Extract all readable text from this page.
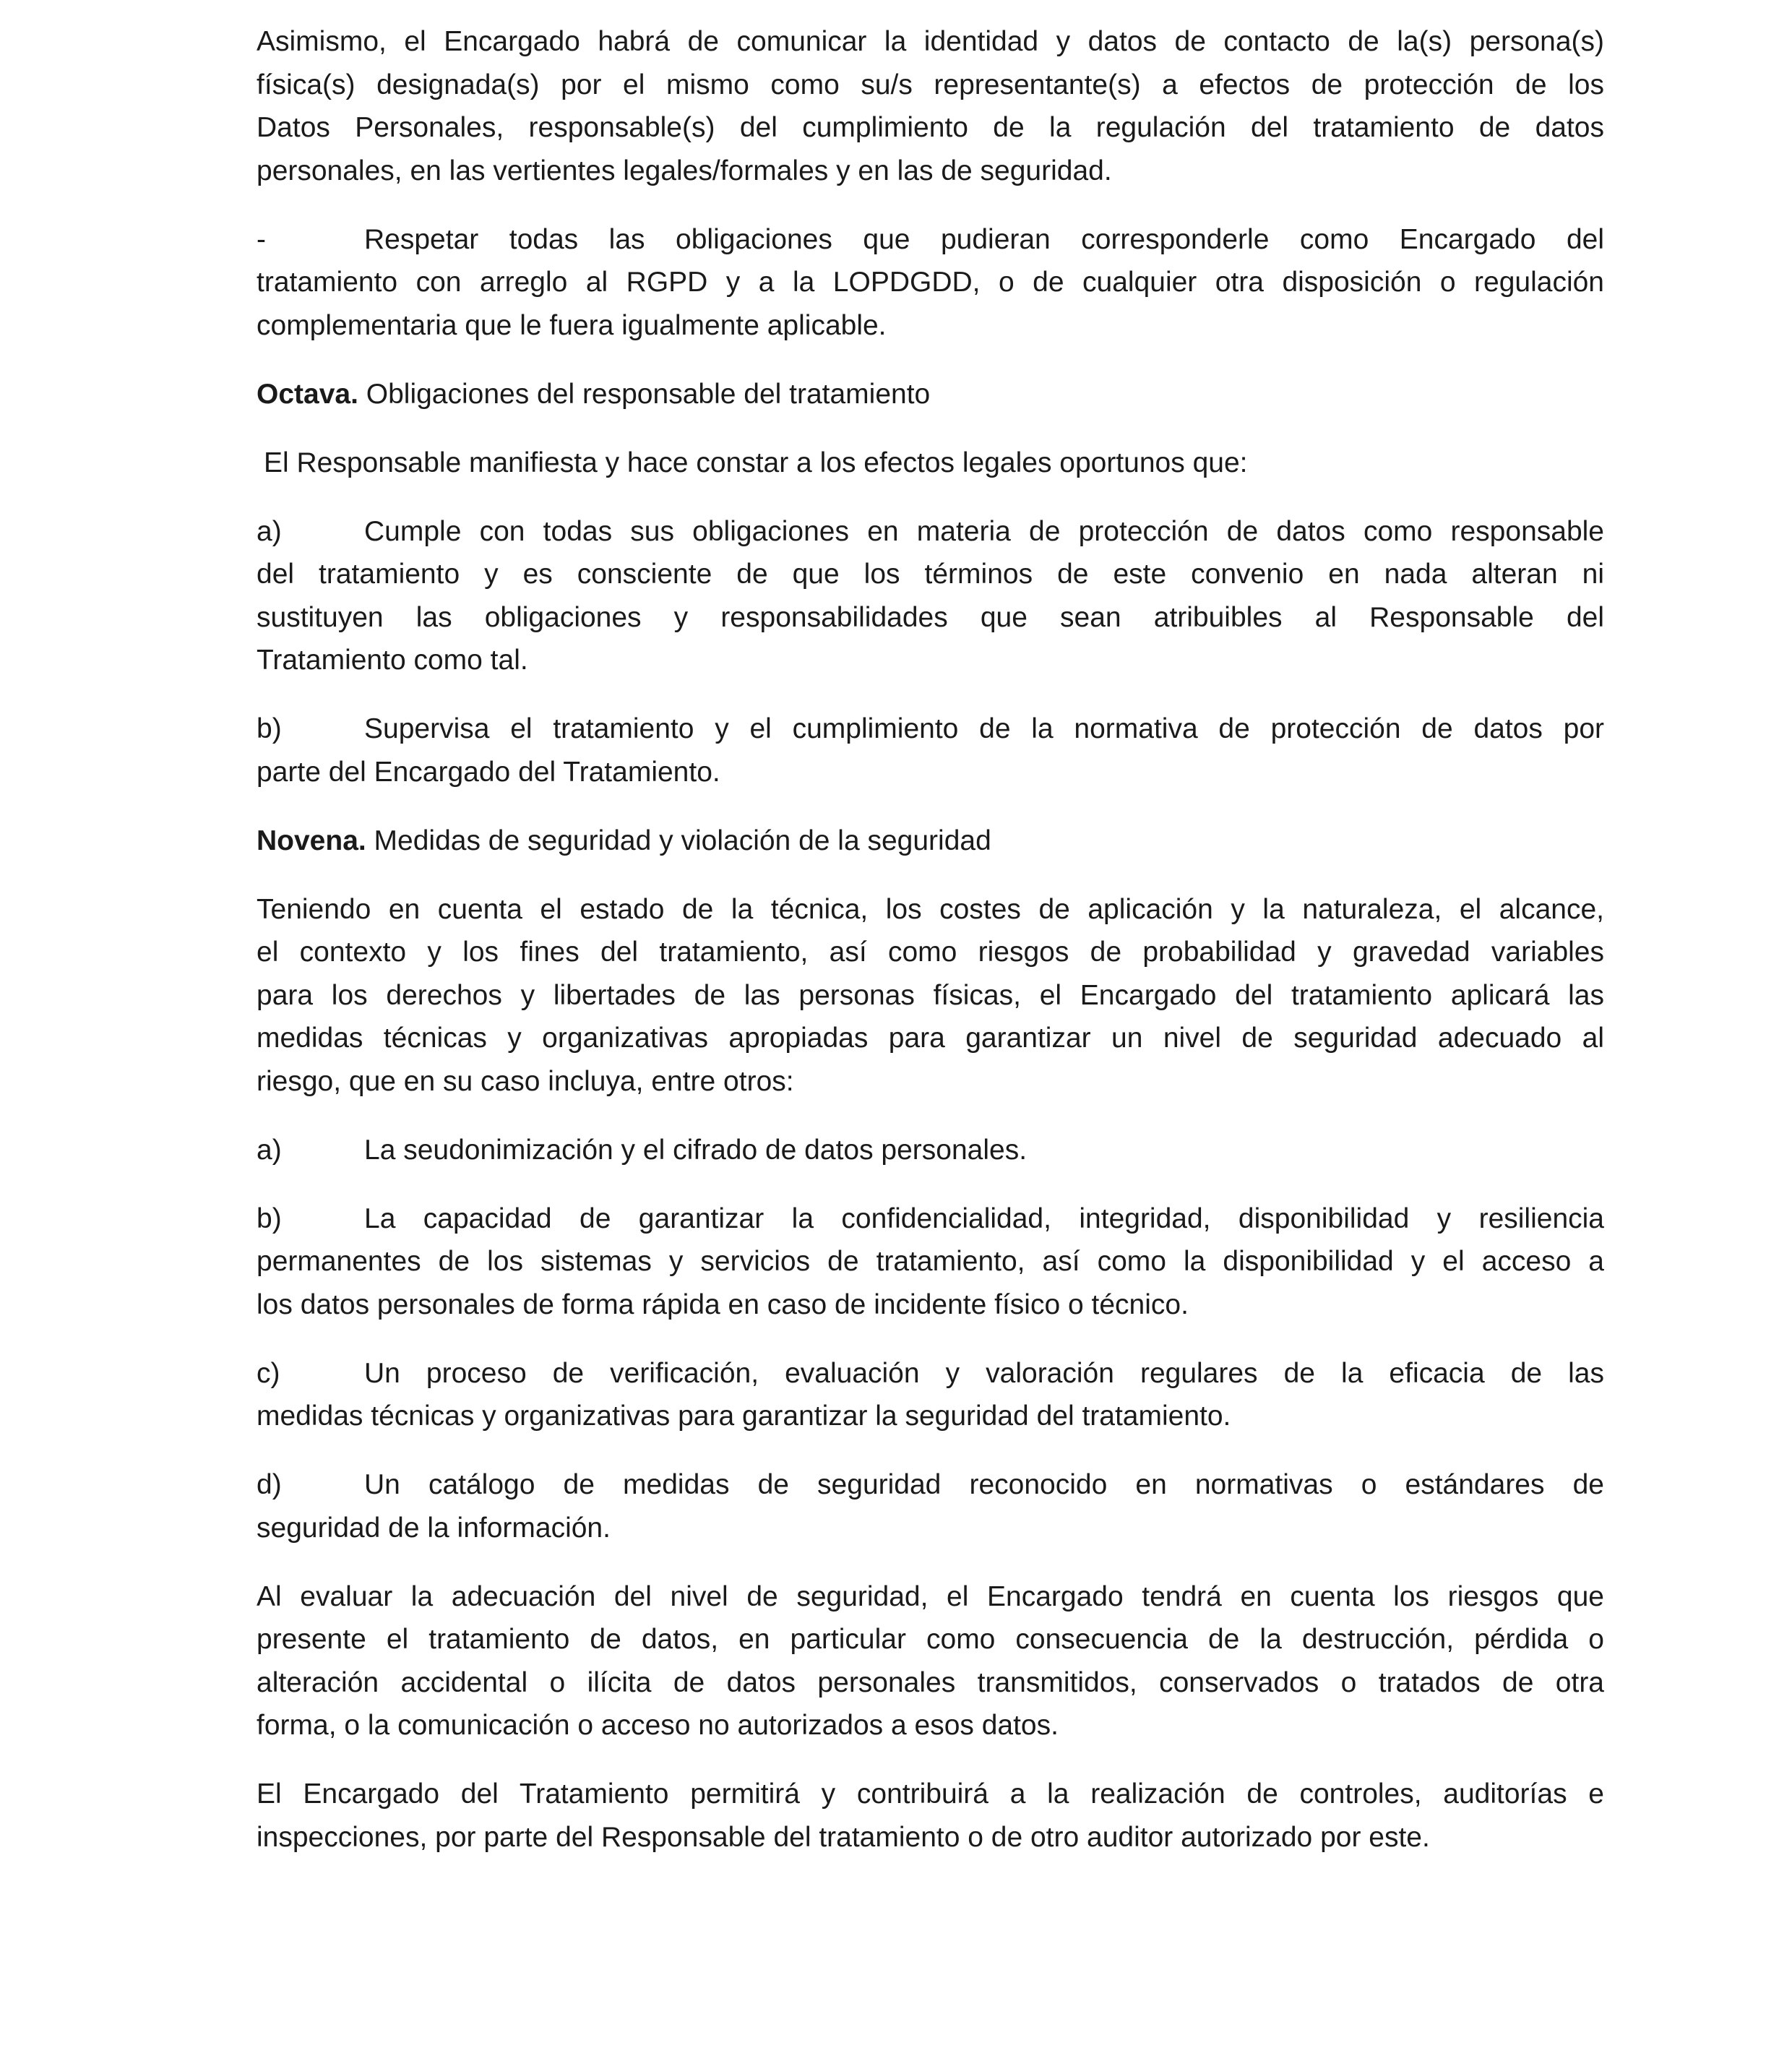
Asimismo, el Encargado habrá de comunicar la identidad y datos de contacto de la(s) persona(s)
física(s) designada(s) por el mismo como su/s representante(s) a efectos de protección de los
Datos Personales, responsable(s) del cumplimiento de la regulación del tratamiento de datos
personales, en las vertientes legales/formales y en las de seguridad.
-	Respetar todas las obligaciones que pudieran corresponderle como Encargado del
tratamiento con arreglo al RGPD y a la LOPDGDD, o de cualquier otra disposición o regulación
complementaria que le fuera igualmente aplicable.
Octava. Obligaciones del responsable del tratamiento
El Responsable manifiesta y hace constar a los efectos legales oportunos que:
a)	Cumple con todas sus obligaciones en materia de protección de datos como responsable
del tratamiento y es consciente de que los términos de este convenio en nada alteran ni
sustituyen las obligaciones y responsabilidades que sean atribuibles al Responsable del
Tratamiento como tal.
b)	Supervisa el tratamiento y el cumplimiento de la normativa de protección de datos por
parte del Encargado del Tratamiento.
Novena. Medidas de seguridad y violación de la seguridad
Teniendo en cuenta el estado de la técnica, los costes de aplicación y la naturaleza, el alcance,
el contexto y los fines del tratamiento, así como riesgos de probabilidad y gravedad variables
para los derechos y libertades de las personas físicas, el Encargado del tratamiento aplicará las
medidas técnicas y organizativas apropiadas para garantizar un nivel de seguridad adecuado al
riesgo, que en su caso incluya, entre otros:
a)	La seudonimización y el cifrado de datos personales.
b)	La capacidad de garantizar la confidencialidad, integridad, disponibilidad y resiliencia
permanentes de los sistemas y servicios de tratamiento, así como la disponibilidad y el acceso a
los datos personales de forma rápida en caso de incidente físico o técnico.
c)	Un proceso de verificación, evaluación y valoración regulares de la eficacia de las
medidas técnicas y organizativas para garantizar la seguridad del tratamiento.
d)	Un catálogo de medidas de seguridad reconocido en normativas o estándares de
seguridad de la información.
Al evaluar la adecuación del nivel de seguridad, el Encargado tendrá en cuenta los riesgos que
presente el tratamiento de datos, en particular como consecuencia de la destrucción, pérdida o
alteración accidental o ilícita de datos personales transmitidos, conservados o tratados de otra
forma, o la comunicación o acceso no autorizados a esos datos.
El Encargado del Tratamiento permitirá y contribuirá a la realización de controles, auditorías e
inspecciones, por parte del Responsable del tratamiento o de otro auditor autorizado por este.
